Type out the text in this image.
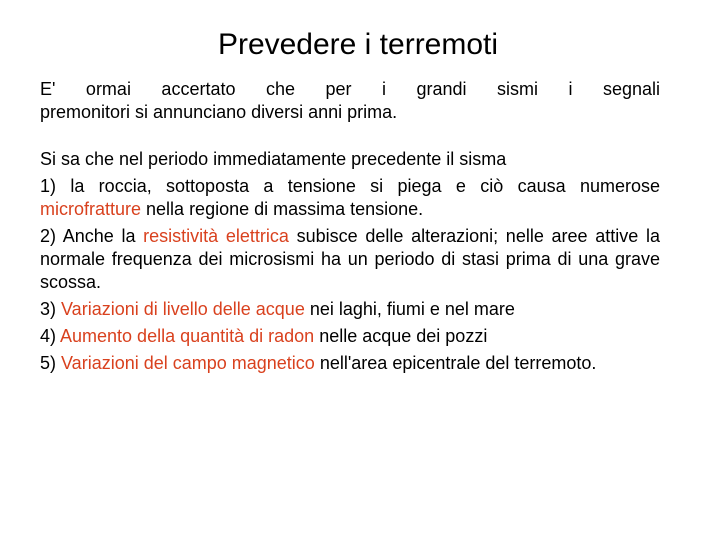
Prevedere i terremoti
E' ormai accertato che per i grandi sismi i segnali
premonitori si annunciano diversi anni prima.
Si sa che nel periodo immediatamente precedente il sisma
1) la roccia, sottoposta a tensione si piega e ciò causa numerose microfratture nella regione di massima tensione.
2) Anche la resistività elettrica subisce delle alterazioni; nelle aree attive la normale frequenza dei microsismi ha un periodo di stasi prima di una grave scossa.
3) Variazioni di livello delle acque nei laghi, fiumi e nel mare
4) Aumento della quantità di radon nelle acque dei pozzi
5) Variazioni del campo magnetico nell'area epicentrale del terremoto.
